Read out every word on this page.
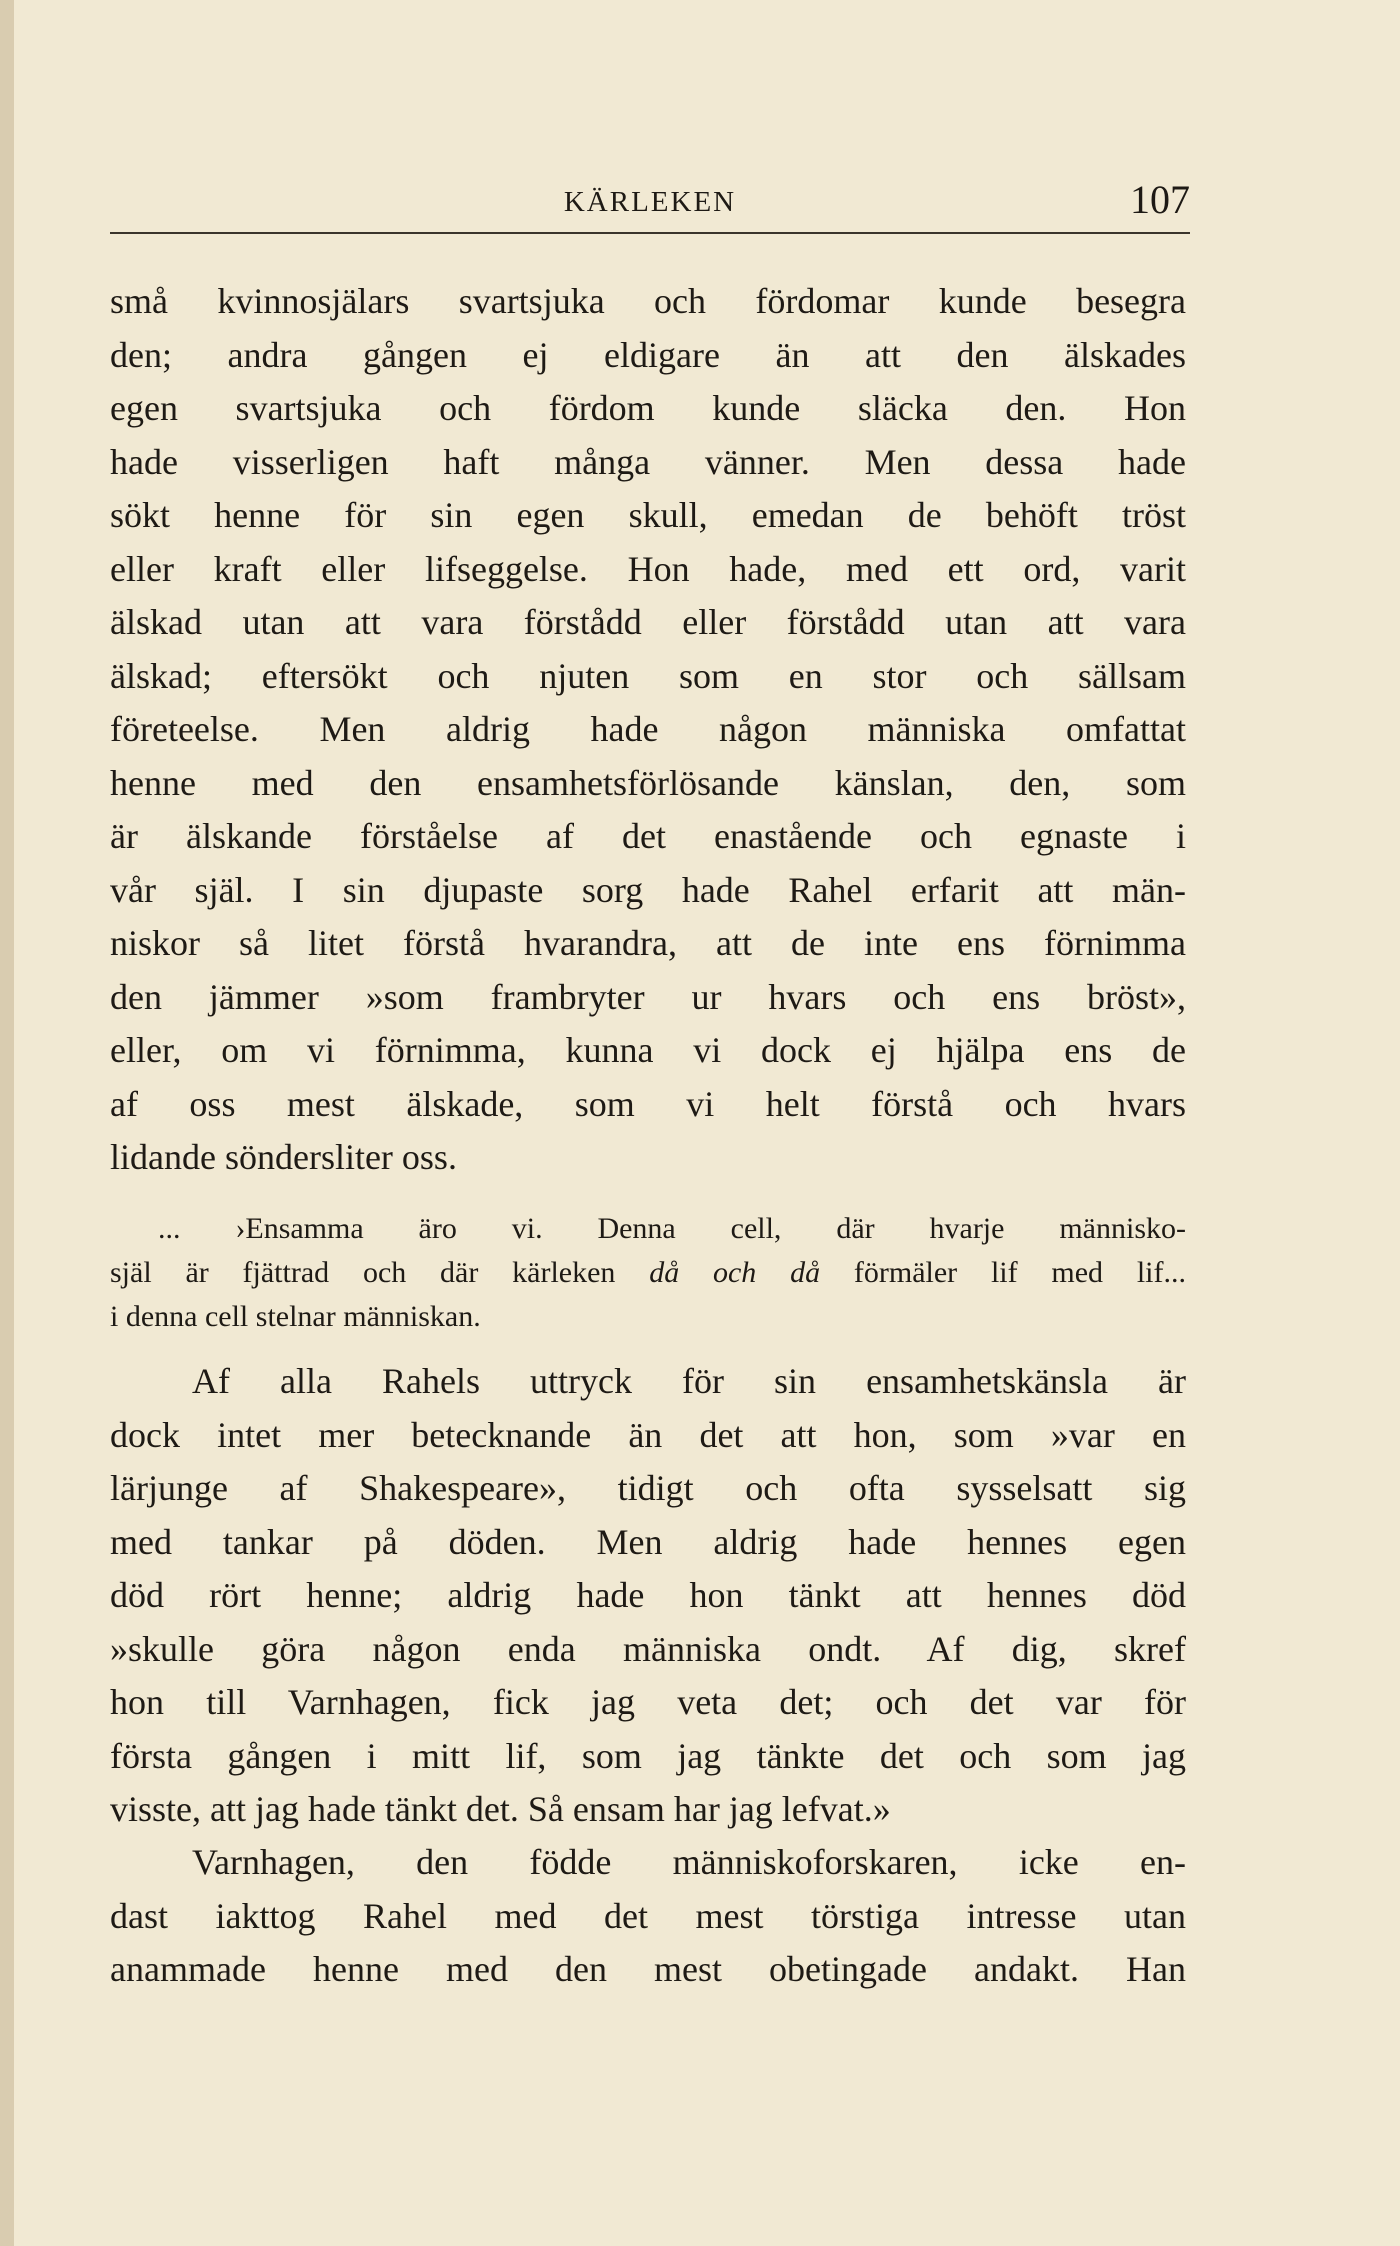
KÄRLEKEN	107
små kvinnosjälars svartsjuka och fördomar kunde besegra
den; andra gången ej eldigare än att den älskades
egen svartsjuka och fördom kunde släcka den. Hon
hade visserligen haft många vänner. Men dessa hade
sökt henne för sin egen skull, emedan de behöft tröst
eller kraft eller lifseggelse. Hon hade, med ett ord, varit
älskad utan att vara förstådd eller förstådd utan att vara
älskad; eftersökt och njuten som en stor och sällsam
företeelse. Men aldrig hade någon människa omfattat
henne med den ensamhetsförlösande känslan, den, som
är älskande förståelse af det enastående och egnaste i
vår själ. I sin djupaste sorg hade Rahel erfarit att män-
niskor så litet förstå hvarandra, att de inte ens förnimma
den jämmer »som frambryter ur hvars och ens bröst»,
eller, om vi förnimma, kunna vi dock ej hjälpa ens de
af oss mest älskade, som vi helt förstå och hvars
lidande söndersliter oss.
... ›Ensamma äro vi. Denna cell, där hvarje människo-
själ är fjättrad och där kärleken då och då förmäler lif med lif...
i denna cell stelnar människan.
Af alla Rahels uttryck för sin ensamhetskänsla är
dock intet mer betecknande än det att hon, som »var en
lärjunge af Shakespeare», tidigt och ofta sysselsatt sig
med tankar på döden. Men aldrig hade hennes egen
död rört henne; aldrig hade hon tänkt att hennes död
»skulle göra någon enda människa ondt. Af dig, skref
hon till Varnhagen, fick jag veta det; och det var för
första gången i mitt lif, som jag tänkte det och som jag
visste, att jag hade tänkt det. Så ensam har jag lefvat.»
Varnhagen, den födde människoforskaren, icke en-
dast iakttog Rahel med det mest törstiga intresse utan
anammade henne med den mest obetingade andakt. Han
